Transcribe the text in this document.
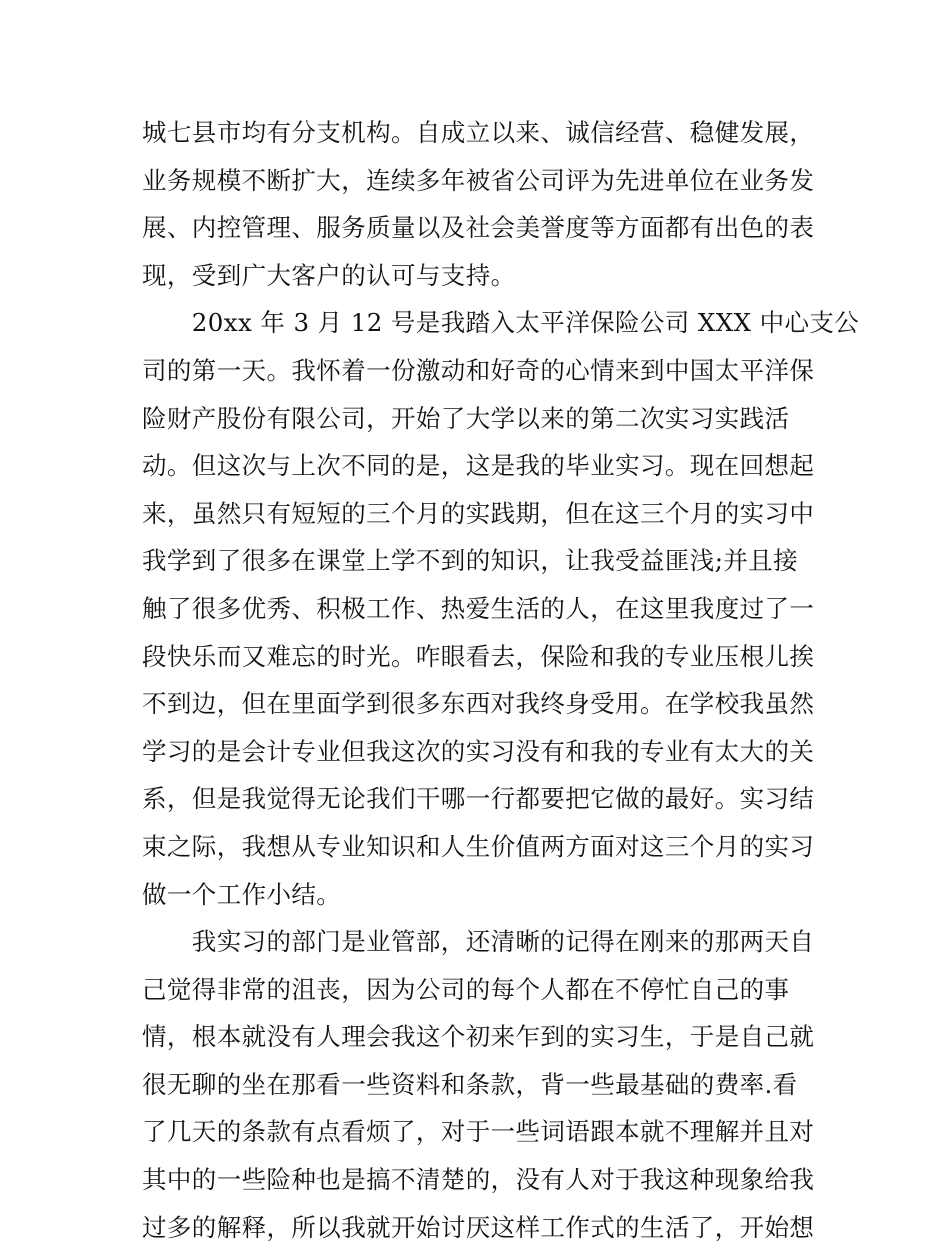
城七县市均有分支机构。自成立以来、诚信经营、稳健发展，
业务规模不断扩大，连续多年被省公司评为先进单位在业务发
展、内控管理、服务质量以及社会美誉度等方面都有出色的表
现，受到广大客户的认可与支持。
　　20xx 年 3 月 12 号是我踏入太平洋保险公司 XXX 中心支公
司的第一天。我怀着一份激动和好奇的心情来到中国太平洋保
险财产股份有限公司，开始了大学以来的第二次实习实践活
动。但这次与上次不同的是，这是我的毕业实习。现在回想起
来，虽然只有短短的三个月的实践期，但在这三个月的实习中
我学到了很多在课堂上学不到的知识，让我受益匪浅;并且接
触了很多优秀、积极工作、热爱生活的人，在这里我度过了一
段快乐而又难忘的时光。咋眼看去，保险和我的专业压根儿挨
不到边，但在里面学到很多东西对我终身受用。在学校我虽然
学习的是会计专业但我这次的实习没有和我的专业有太大的关
系，但是我觉得无论我们干哪一行都要把它做的最好。实习结
束之际，我想从专业知识和人生价值两方面对这三个月的实习
做一个工作小结。
　　我实习的部门是业管部，还清晰的记得在刚来的那两天自
己觉得非常的沮丧，因为公司的每个人都在不停忙自己的事
情，根本就没有人理会我这个初来乍到的实习生，于是自己就
很无聊的坐在那看一些资料和条款，背一些最基础的费率.看
了几天的条款有点看烦了，对于一些词语跟本就不理解并且对
其中的一些险种也是搞不清楚的，没有人对于我这种现象给我
过多的解释，所以我就开始讨厌这样工作式的生活了，开始想
